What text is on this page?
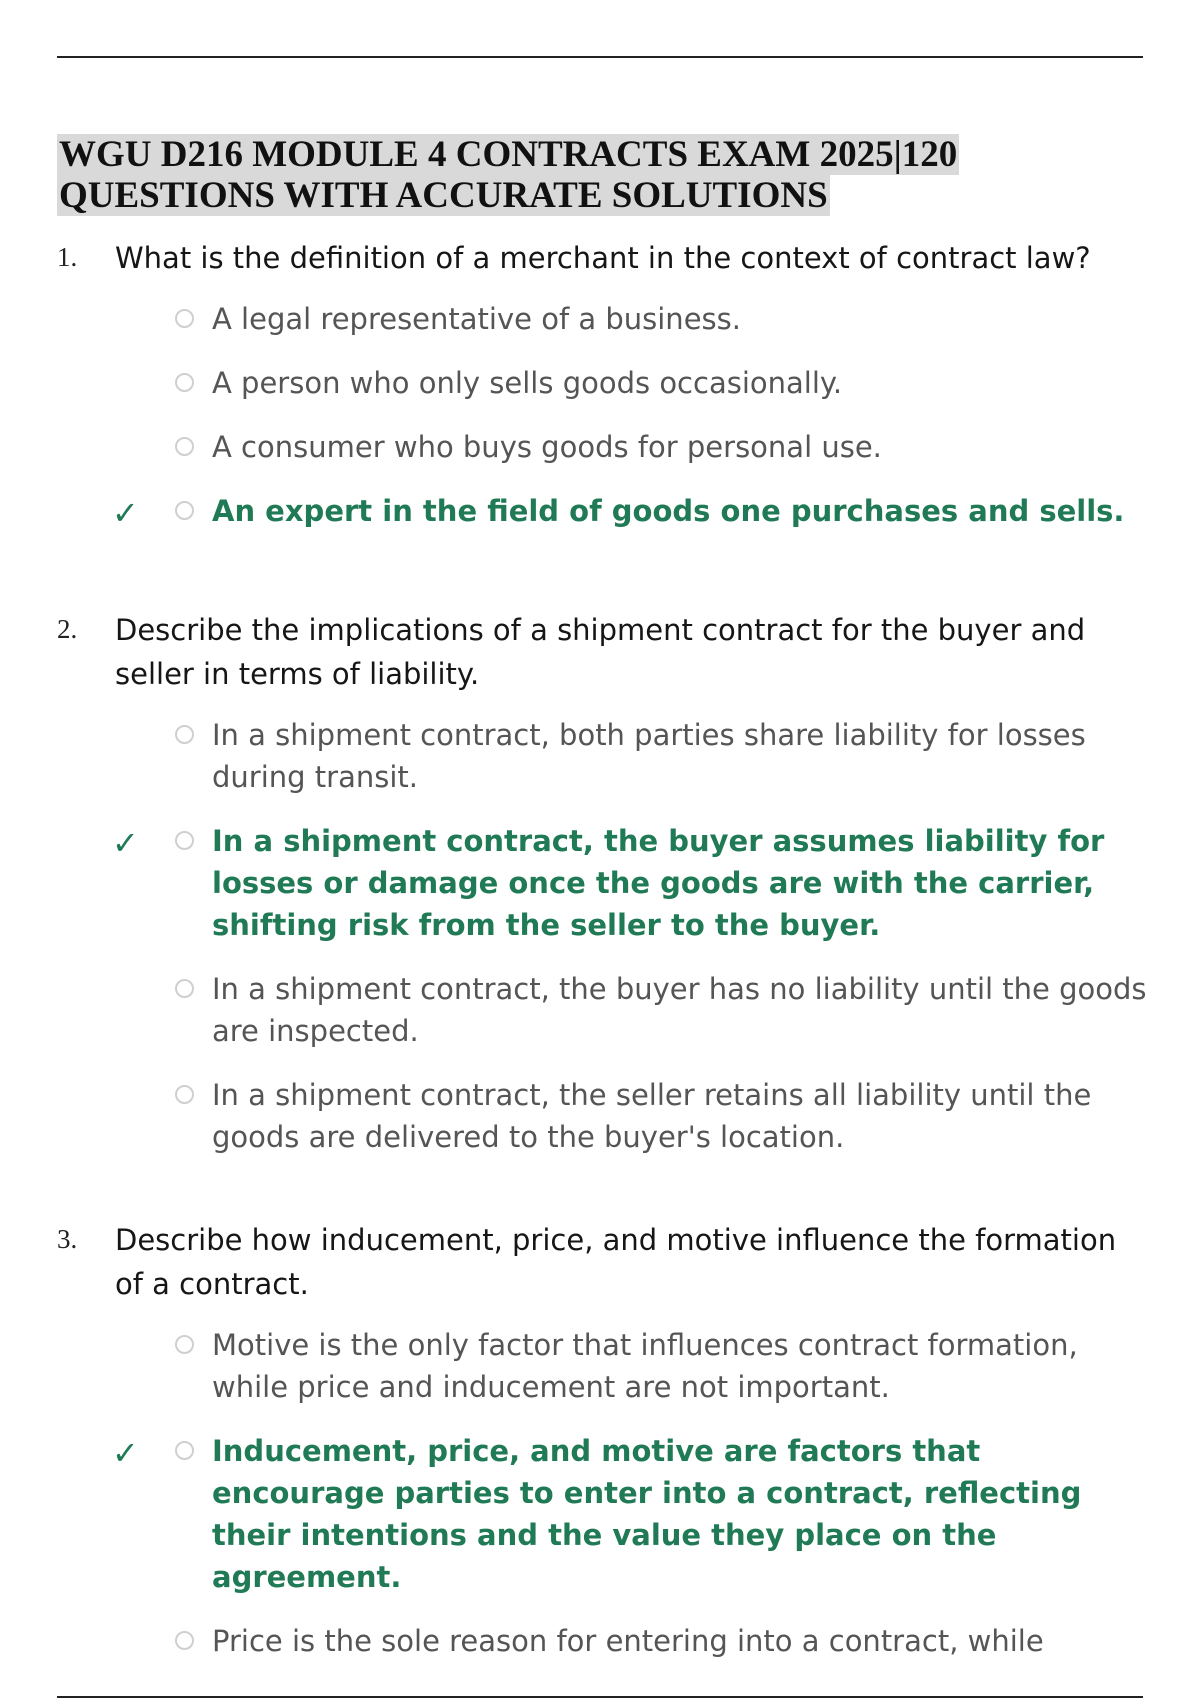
WGU D216 MODULE 4 CONTRACTS EXAM 2025|120
QUESTIONS WITH ACCURATE SOLUTIONS
1. What is the definition of a merchant in the context of contract law?
A legal representative of a business.
A person who only sells goods occasionally.
A consumer who buys goods for personal use.
✓	An expert in the field of goods one purchases and sells.
2. Describe the implications of a shipment contract for the buyer and seller in terms of liability.
In a shipment contract, both parties share liability for losses during transit.
✓	In a shipment contract, the buyer assumes liability for losses or damage once the goods are with the carrier, shifting risk from the seller to the buyer.
In a shipment contract, the buyer has no liability until the goods are inspected.
In a shipment contract, the seller retains all liability until the goods are delivered to the buyer's location.
3. Describe how inducement, price, and motive influence the formation of a contract.
Motive is the only factor that influences contract formation, while price and inducement are not important.
✓	Inducement, price, and motive are factors that encourage parties to enter into a contract, reflecting their intentions and the value they place on the agreement.
Price is the sole reason for entering into a contract, while
